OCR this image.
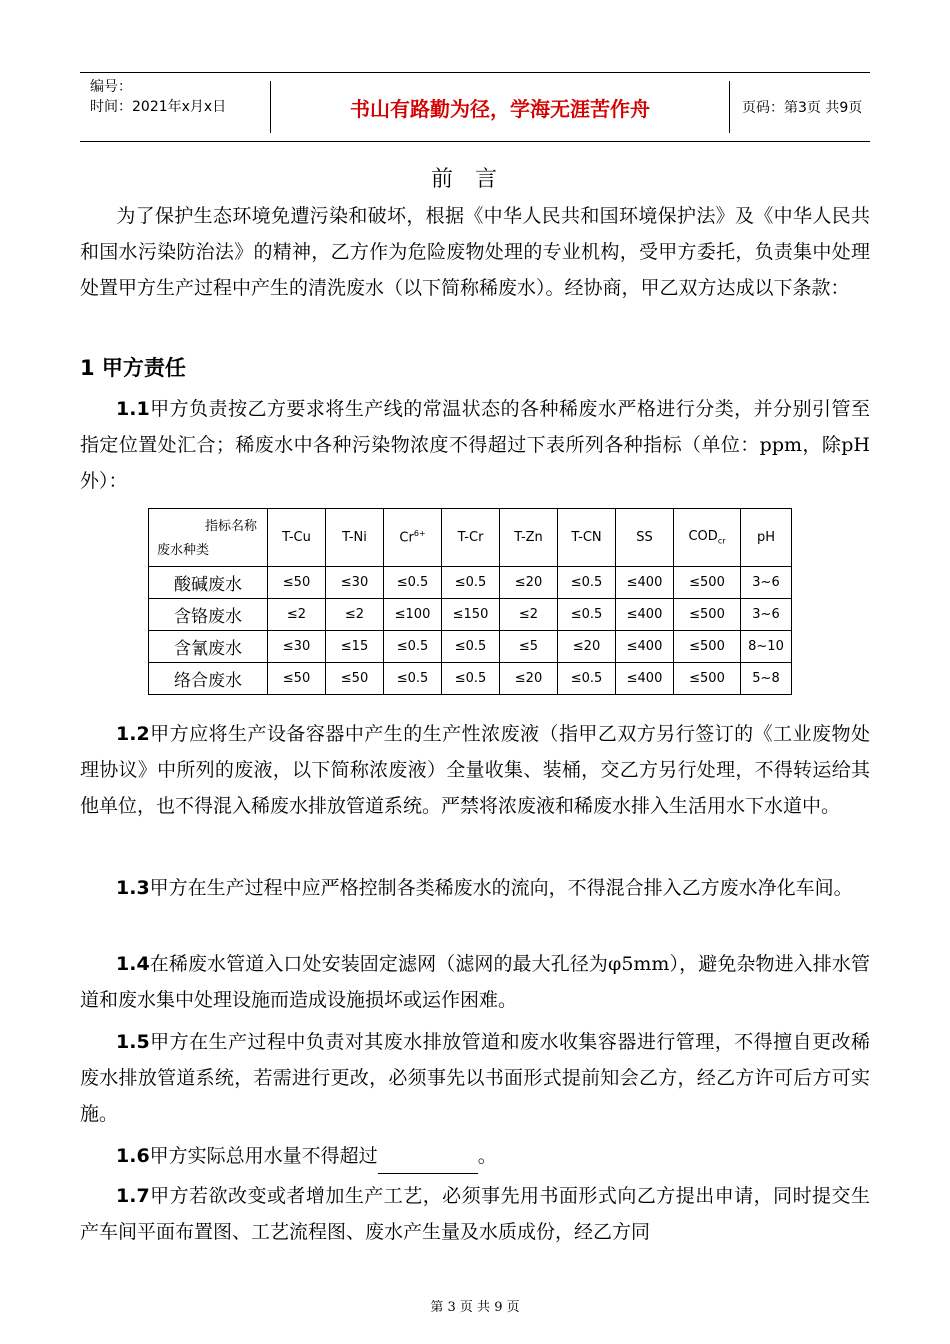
编号：
时间：2021年x月x日	书山有路勤为径，学海无涯苦作舟	页码：第3页 共9页
前言

为了保护生态环境免遭污染和破坏，根据《中华人民共和国环境保护法》及《中华人民共和国水污染防治法》的精神，乙方作为危险废物处理的专业机构，受甲方委托，负责集中处理处置甲方生产过程中产生的清洗废水（以下简称稀废水）。经协商，甲乙双方达成以下条款：

1 甲方责任

1.1甲方负责按乙方要求将生产线的常温状态的各种稀废水严格进行分类，并分别引管至指定位置处汇合；稀废水中各种污染物浓度不得超过下表所列各种指标（单位：ppm，除pH外）：

指标名称
废水种类	T-Cu	T-Ni	$Cr^{6+}$	T-Cr	T-Zn	T-CN	SS	$COD_{cr}$	pH
酸碱废水	≤50	≤30	≤0.5	≤0.5	≤20	≤0.5	≤400	≤500	3~6
含铬废水	≤2	≤2	≤100	≤150	≤2	≤0.5	≤400	≤500	3~6
含氰废水	≤30	≤15	≤0.5	≤0.5	≤5	≤20	≤400	≤500	8~10
络合废水	≤50	≤50	≤0.5	≤0.5	≤20	≤0.5	≤400	≤500	5~8

1.2甲方应将生产设备容器中产生的生产性浓废液（指甲乙双方另行签订的《工业废物处理协议》中所列的废液，以下简称浓废液）全量收集、装桶，交乙方另行处理，不得转运给其他单位，也不得混入稀废水排放管道系统。严禁将浓废液和稀废水排入生活用水下水道中。

1.3甲方在生产过程中应严格控制各类稀废水的流向，不得混合排入乙方废水净化车间。

1.4在稀废水管道入口处安装固定滤网（滤网的最大孔径为φ5mm），避免杂物进入排水管道和废水集中处理设施而造成设施损坏或运作困难。

1.5甲方在生产过程中负责对其废水排放管道和废水收集容器进行管理，不得擅自更改稀废水排放管道系统，若需进行更改，必须事先以书面形式提前知会乙方，经乙方许可后方可实施。

1.6甲方实际总用水量不得超过	。

1.7甲方若欲改变或者增加生产工艺，必须事先用书面形式向乙方提出申请，同时提交生产车间平面布置图、工艺流程图、废水产生量及水质成份，经乙方同

第 3 页 共 9 页
